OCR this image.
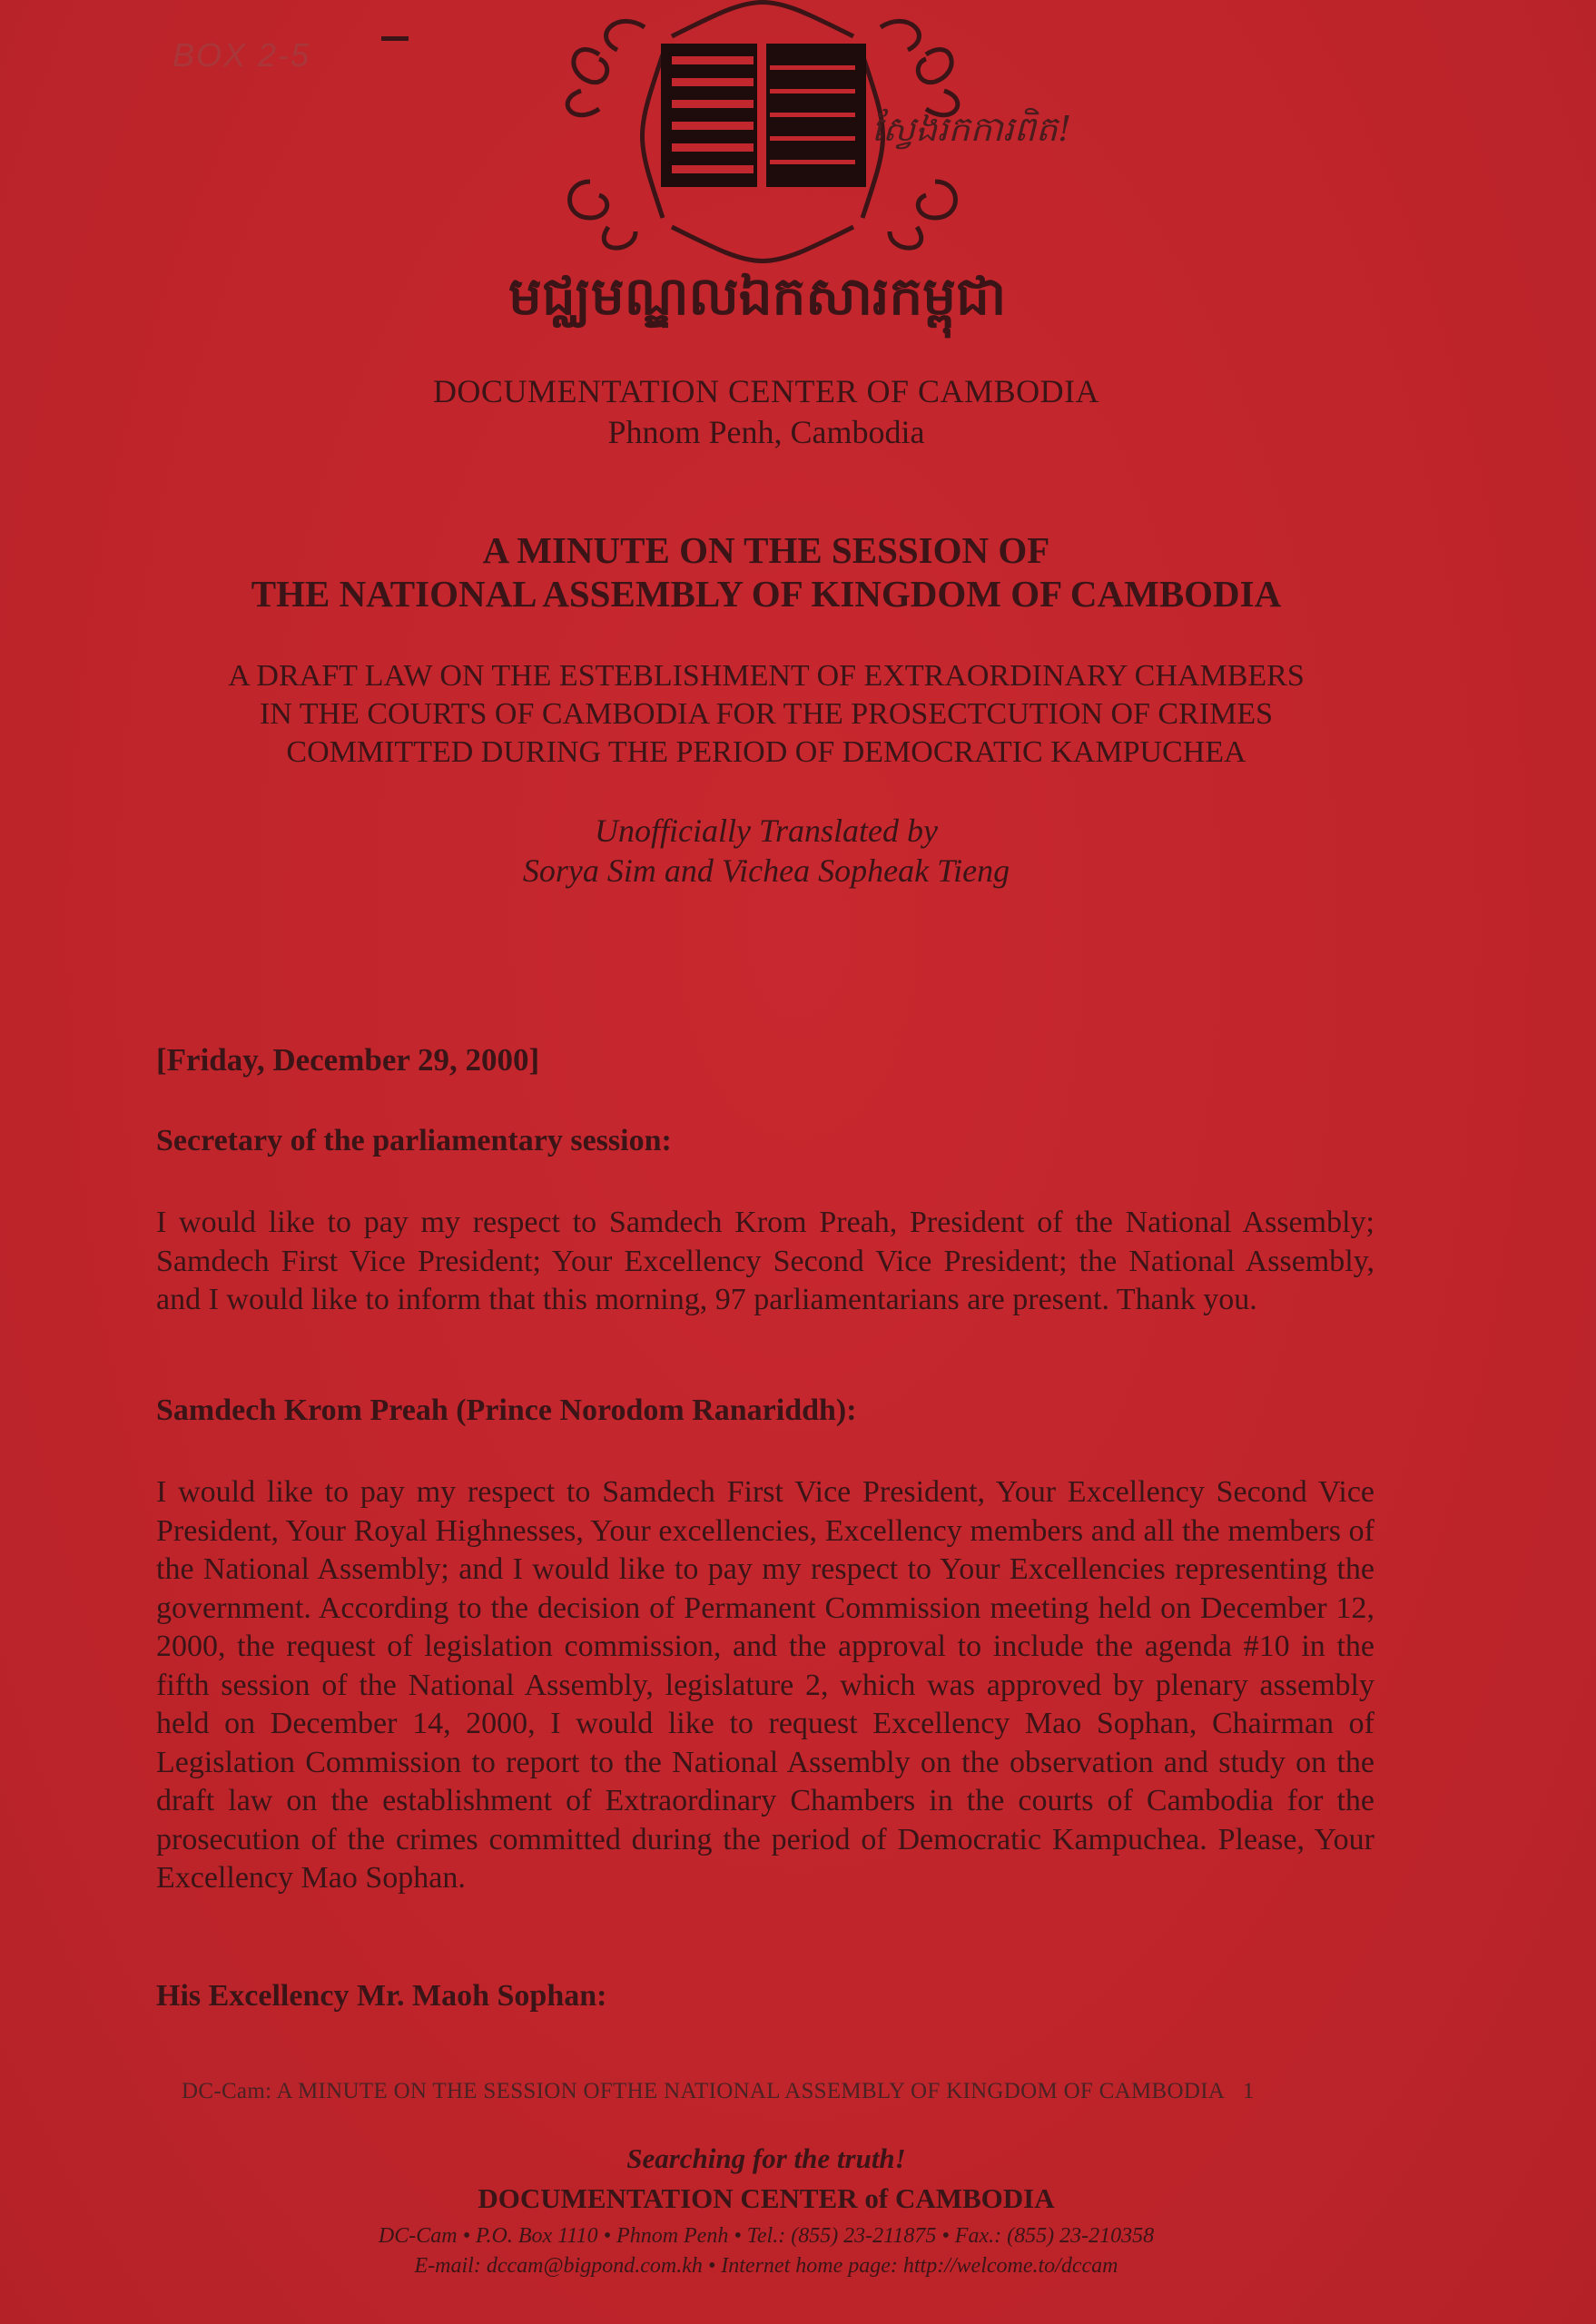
BOX 2-5
ស្វែងរកការពិត!
មជ្ឈមណ្ឌលឯកសារកម្ពុជា
DOCUMENTATION CENTER OF CAMBODIA
Phnom Penh, Cambodia
A MINUTE ON THE SESSION OF
THE NATIONAL ASSEMBLY OF KINGDOM OF CAMBODIA
A DRAFT LAW ON THE ESTEBLISHMENT OF EXTRAORDINARY CHAMBERS
IN THE COURTS OF CAMBODIA FOR THE PROSECTCUTION OF CRIMES
COMMITTED DURING THE PERIOD OF DEMOCRATIC KAMPUCHEA
Unofficially Translated by
Sorya Sim and Vichea Sopheak Tieng
[Friday, December 29, 2000]
Secretary of the parliamentary session:

I would like to pay my respect to Samdech Krom Preah, President of the National Assembly; Samdech First Vice President; Your Excellency Second Vice President; the National Assembly, and I would like to inform that this morning, 97 parliamentarians are present. Thank you.

Samdech Krom Preah (Prince Norodom Ranariddh):

I would like to pay my respect to Samdech First Vice President, Your Excellency Second Vice President, Your Royal Highnesses, Your excellencies, Excellency members and all the members of the National Assembly; and I would like to pay my respect to Your Excellencies representing the government. According to the decision of Permanent Commission meeting held on December 12, 2000, the request of legislation commission, and the approval to include the agenda #10 in the fifth session of the National Assembly, legislature 2, which was approved by plenary assembly held on December 14, 2000, I would like to request Excellency Mao Sophan, Chairman of Legislation Commission to report to the National Assembly on the observation and study on the draft law on the establishment of Extraordinary Chambers in the courts of Cambodia for the prosecution of the crimes committed during the period of Democratic Kampuchea. Please, Your Excellency Mao Sophan.

His Excellency Mr. Maoh Sophan:
DC-Cam: A MINUTE ON THE SESSION OFTHE NATIONAL ASSEMBLY OF KINGDOM OF CAMBODIA 1
Searching for the truth!
DOCUMENTATION CENTER of CAMBODIA
DC-Cam • P.O. Box 1110 • Phnom Penh • Tel.: (855) 23-211875 • Fax.: (855) 23-210358
E-mail: dccam@bigpond.com.kh • Internet home page: http://welcome.to/dccam
